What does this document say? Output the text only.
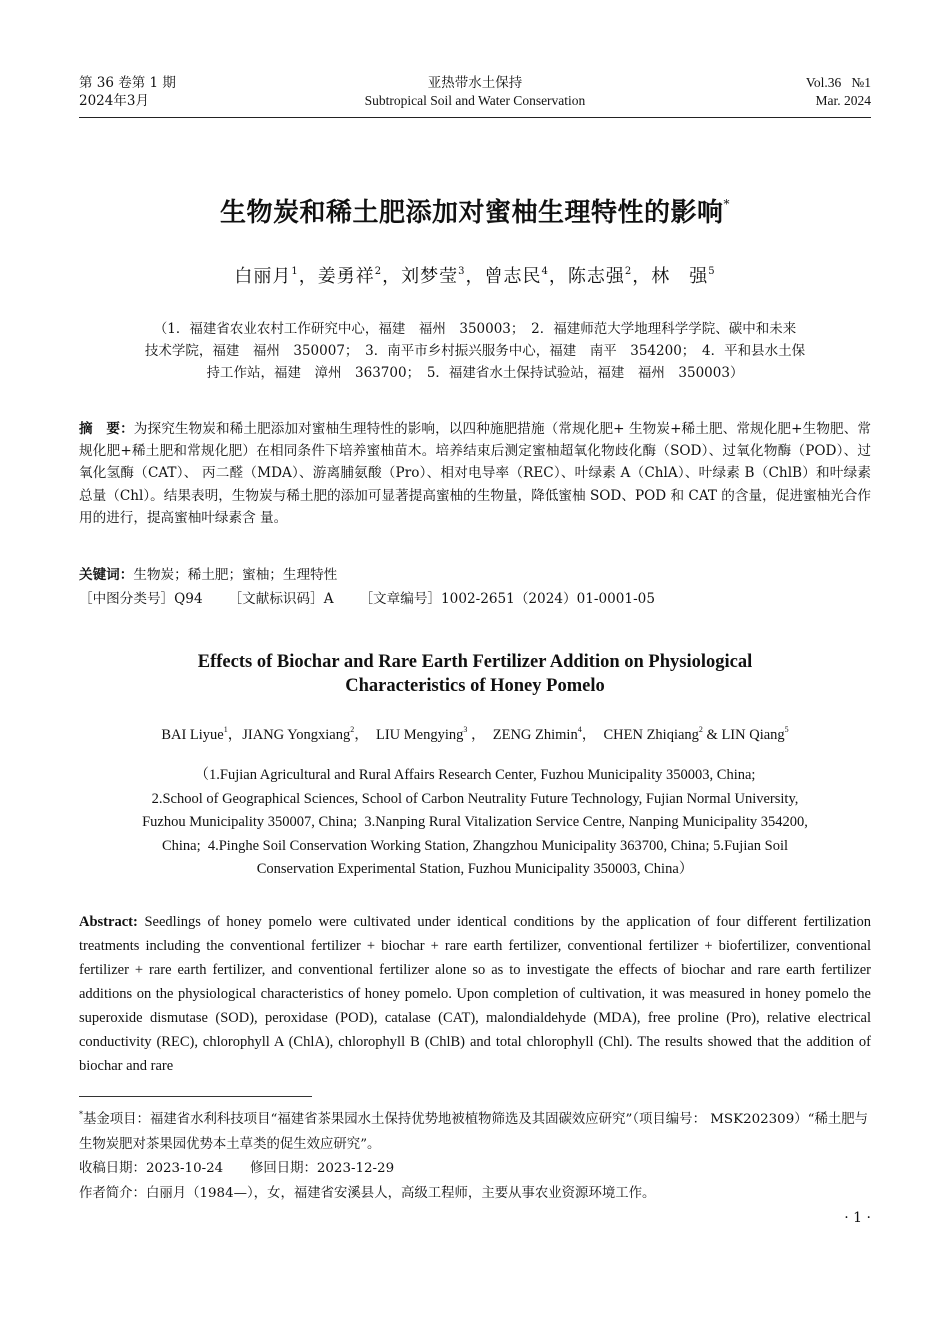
第 36 卷第 1 期
2024年3月
亚热带水土保持
Subtropical Soil and Water Conservation
Vol.36   №1
Mar. 2024
生物炭和稀土肥添加对蜜柚生理特性的影响*
白丽月$^1$，姜勇祥$^2$，刘梦莹$^3$，曾志民$^4$，陈志强$^2$，林　强$^5$
（1．福建省农业农村工作研究中心，福建　福州　350003；　2．福建师范大学地理科学学院、碳中和未来
技术学院，福建　福州　350007；　3．南平市乡村振兴服务中心，福建　南平　354200；　4．平和县水土保
持工作站，福建　漳州　363700；　5．福建省水土保持试验站，福建　福州　350003）
摘　要：为探究生物炭和稀土肥添加对蜜柚生理特性的影响，以四种施肥措施（常规化肥+ 生物炭+稀土肥、常规化肥+生物肥、常规化肥+稀土肥和常规化肥）在相同条件下培养蜜柚苗木。培养结束后测定蜜柚超氧化物歧化酶（SOD）、过氧化物酶（POD）、过氧化氢酶（CAT）、 丙二醛（MDA）、游离脯氨酸（Pro）、相对电导率（REC）、叶绿素 A（ChlA）、叶绿素 B（ChlB）和叶绿素总量（Chl）。结果表明，生物炭与稀土肥的添加可显著提高蜜柚的生物量，降低蜜柚 SOD、POD 和 CAT 的含量，促进蜜柚光合作用的进行，提高蜜柚叶绿素含 量。
关键词：生物炭；稀土肥；蜜柚；生理特性
［中图分类号］Q94 ［文献标识码］A ［文章编号］1002-2651（2024）01-0001-05
Effects of Biochar and Rare Earth Fertilizer Addition on Physiological
Characteristics of Honey Pomelo
BAI Liyue$^1$，JIANG Yongxiang$^2$，  LIU Mengying$^3$ ，  ZENG Zhimin$^4$，  CHEN Zhiqiang$^2$ & LIN Qiang$^5$
（1.Fujian Agricultural and Rural Affairs Research Center, Fuzhou Municipality 350003, China;
2.School of Geographical Sciences, School of Carbon Neutrality Future Technology, Fujian Normal University,
Fuzhou Municipality 350007, China;  3.Nanping Rural Vitalization Service Centre, Nanping Municipality 354200,
China;  4.Pinghe Soil Conservation Working Station, Zhangzhou Municipality 363700, China; 5.Fujian Soil
Conservation Experimental Station, Fuzhou Municipality 350003, China）
Abstract: Seedlings of honey pomelo were cultivated under identical conditions by the application of four different fertilization treatments including the conventional fertilizer + biochar + rare earth fertilizer, conventional fertilizer + biofertilizer, conventional fertilizer + rare earth fertilizer, and conventional fertilizer alone so as to investigate the effects of biochar and rare earth fertilizer additions on the physiological characteristics of honey pomelo. Upon completion of cultivation, it was measured in honey pomelo the superoxide dismutase (SOD), peroxidase (POD), catalase (CAT), malondialdehyde (MDA), free proline (Pro), relative electrical conductivity (REC), chlorophyll A (ChlA), chlorophyll B (ChlB) and total chlorophyll (Chl). The results showed that the addition of biochar and rare

*基金项目：福建省水利科技项目“福建省茶果园水土保持优势地被植物筛选及其固碳效应研究”（项目编号： MSK202309）“稀土肥与生物炭肥对茶果园优势本土草类的促生效应研究”。

收稿日期：2023-10-24　　修回日期：2023-12-29

作者简介：白丽月（1984—），女，福建省安溪县人，高级工程师，主要从事农业资源环境工作。

· 1 ·
